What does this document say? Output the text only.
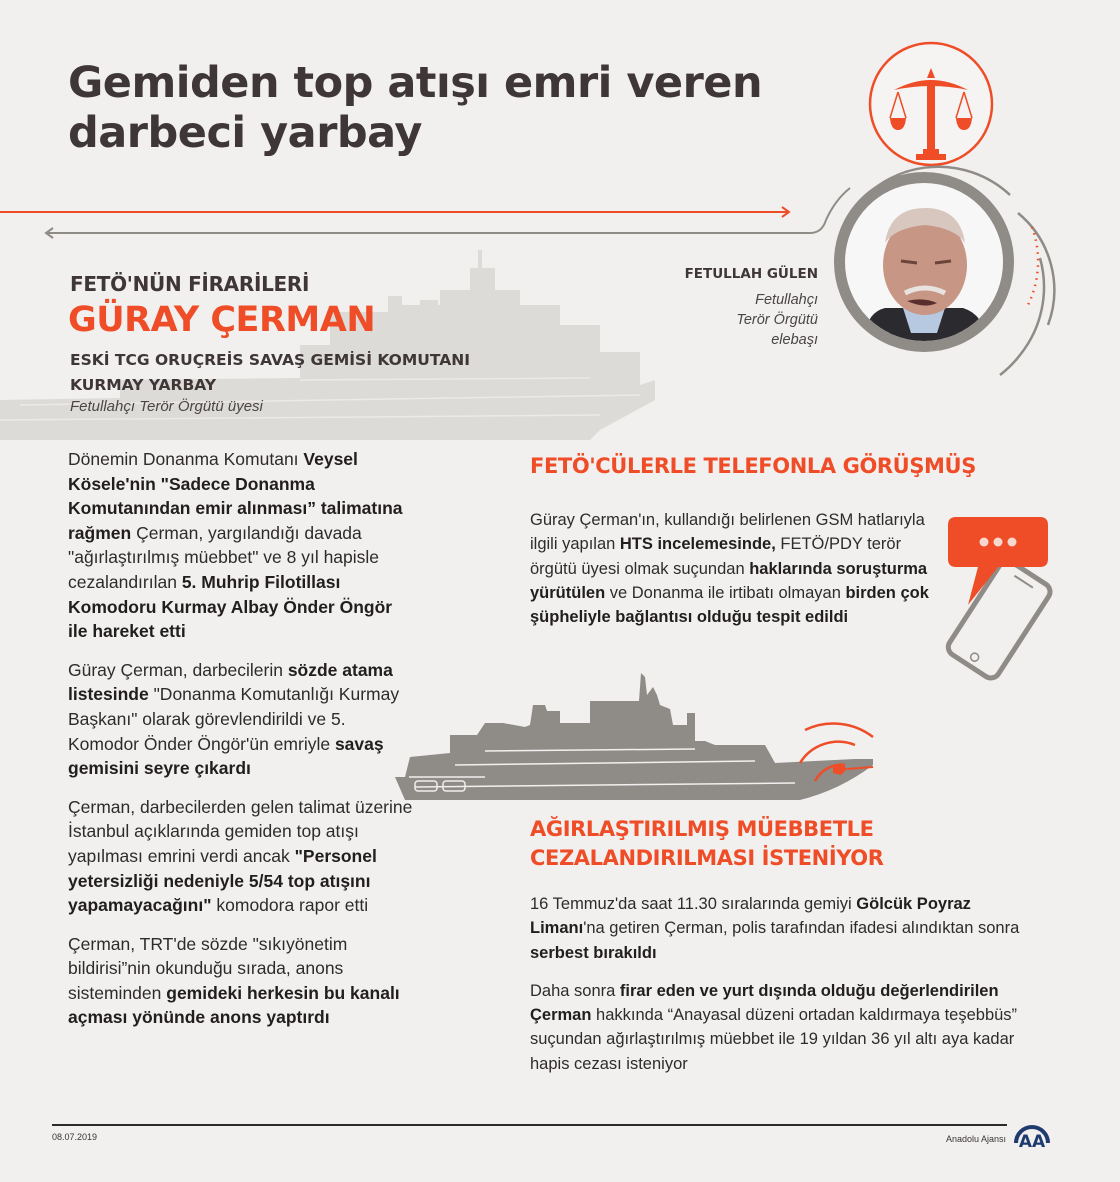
Gemiden top atışı emri veren darbeci yarbay
FETULLAH GÜLEN
Fetullahçı
Terör Örgütü
elebaşı
FETÖ'NÜN FİRARİLERİ
GÜRAY ÇERMAN
ESKİ TCG ORUÇREİS SAVAŞ GEMİSİ KOMUTANI
KURMAY YARBAY
Fetullahçı Terör Örgütü üyesi

Dönemin Donanma Komutanı Veysel Kösele'nin "Sadece Donanma Komutanından emir alınması” talimatına rağmen Çerman, yargılandığı davada "ağırlaştırılmış müebbet" ve 8 yıl hapisle cezalandırılan 5. Muhrip Filotillası Komodoru Kurmay Albay Önder Öngör ile hareket etti

Güray Çerman, darbecilerin sözde atama listesinde "Donanma Komutanlığı Kurmay Başkanı" olarak görevlendirildi ve 5. Komodor Önder Öngör'ün emriyle savaş gemisini seyre çıkardı

Çerman, darbecilerden gelen talimat üzerine İstanbul açıklarında gemiden top atışı yapılması emrini verdi ancak "Personel yetersizliği nedeniyle 5/54 top atışını yapamayacağını" komodora rapor etti

Çerman, TRT'de sözde "sıkıyönetim bildirisi”nin okunduğu sırada, anons sisteminden gemideki herkesin bu kanalı açması yönünde anons yaptırdı

FETÖ'CÜLERLE TELEFONLA GÖRÜŞMÜŞ

Güray Çerman'ın, kullandığı belirlenen GSM hatlarıyla ilgili yapılan HTS incelemesinde, FETÖ/PDY terör örgütü üyesi olmak suçundan haklarında soruşturma yürütülen ve Donanma ile irtibatı olmayan birden çok şüpheliyle bağlantısı olduğu tespit edildi

AĞIRLAŞTIRILMIŞ MÜEBBETLE
CEZALANDIRILMASI İSTENİYOR

16 Temmuz'da saat 11.30 sıralarında gemiyi Gölcük Poyraz Limanı'na getiren Çerman, polis tarafından ifadesi alındıktan sonra serbest bırakıldı

Daha sonra firar eden ve yurt dışında olduğu değerlendirilen Çerman hakkında “Anayasal düzeni ortadan kaldırmaya teşebbüs” suçundan ağırlaştırılmış müebbet ile 19 yıldan 36 yıl altı aya kadar hapis cezası isteniyor

08.07.2019	Anadolu Ajansı AA
